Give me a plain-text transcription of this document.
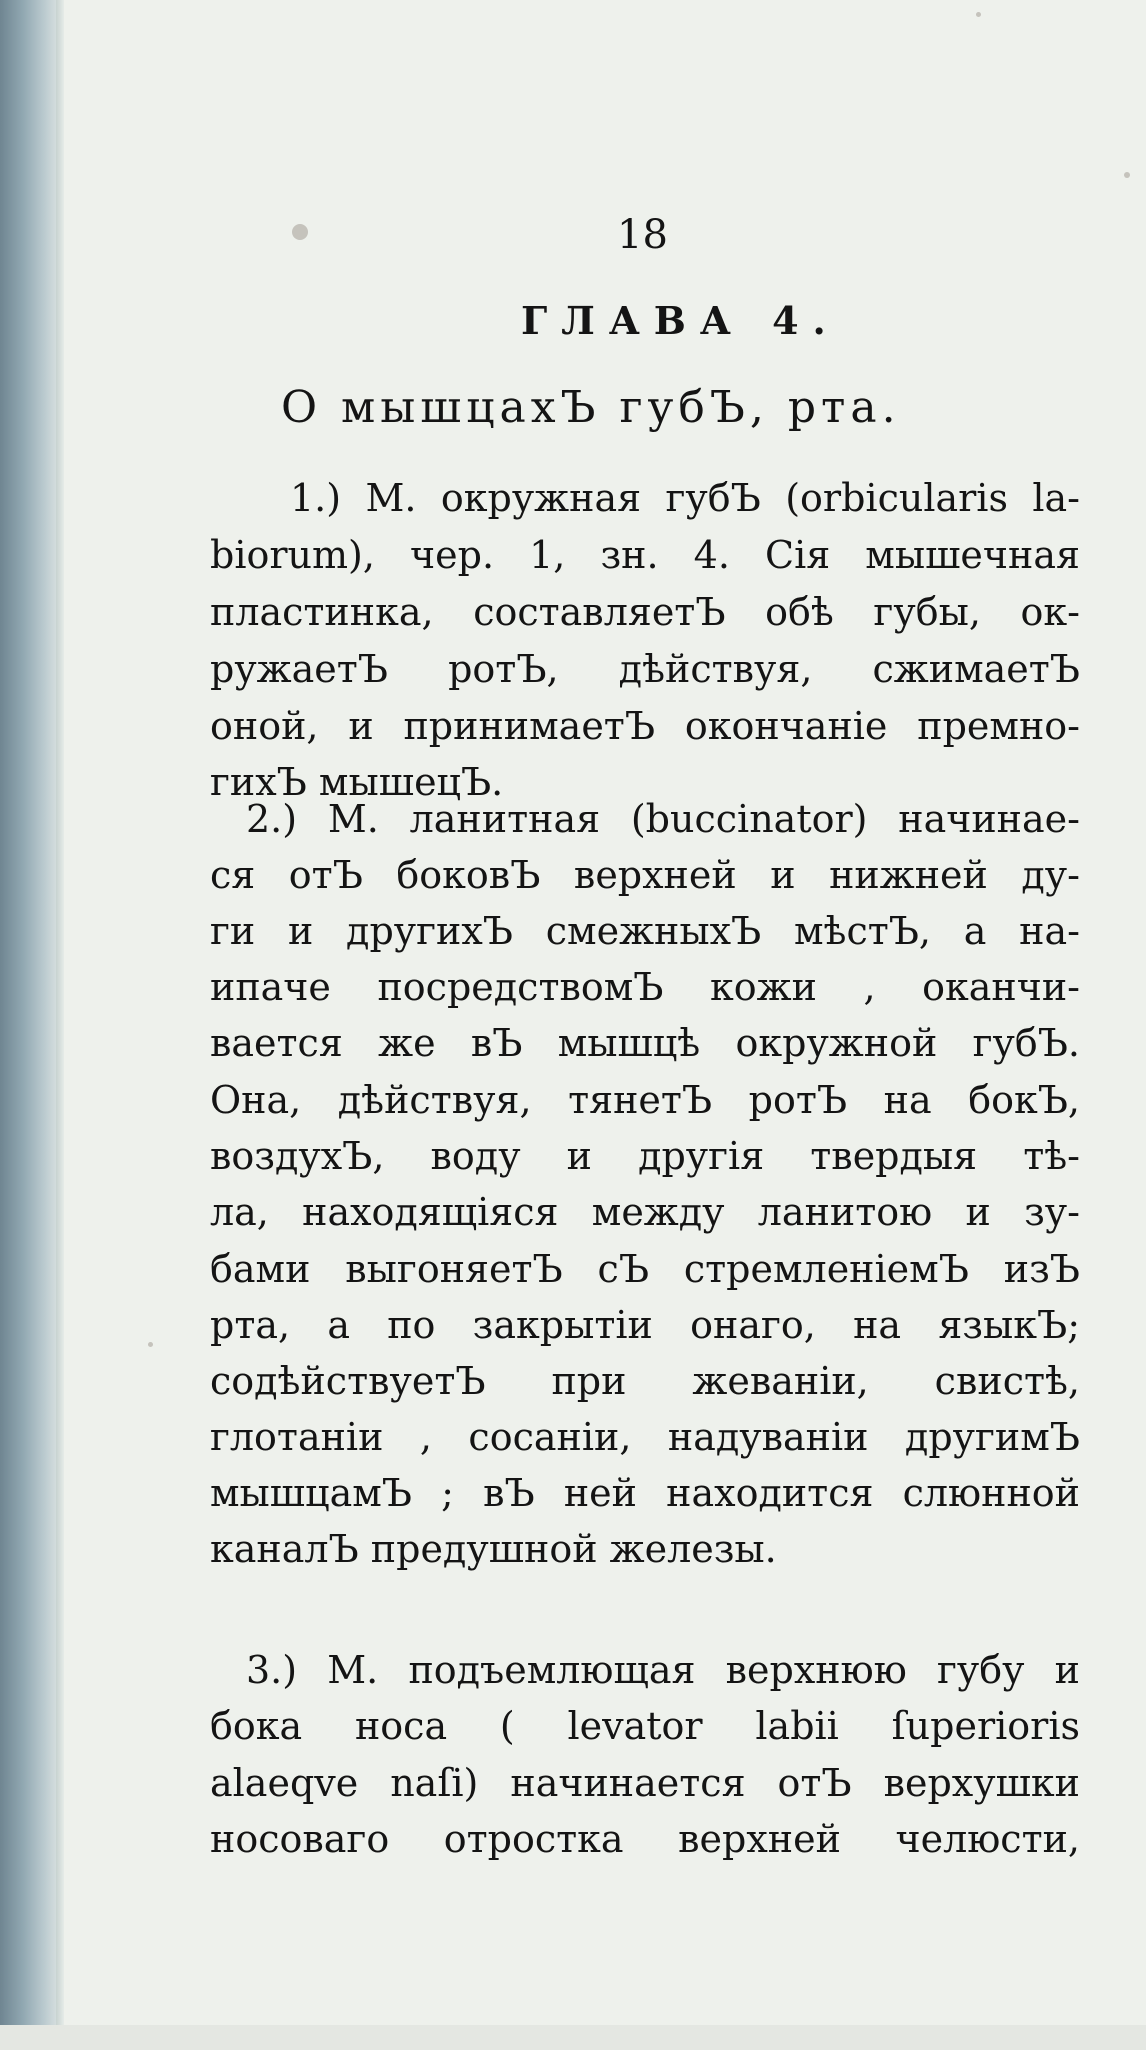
18
ГЛАВА 4.
О мышцахЪ губЪ, рта.
1.) М. окружная губЪ (orbicularis la-
biorum), чер. 1, зн. 4. Сія мышечная
пластинка, составляетЪ обѣ губы, ок-
ружаетЪ ротЪ, дѣйствуя, сжимаетЪ
оной, и принимаетЪ окончаніе премно-
гихЪ мышецЪ.
2.) М. ланитная (buccinator) начинае-
ся отЪ боковЪ верхней и нижней ду-
ги и другихЪ смежныхЪ мѣстЪ, а на-
ипаче посредствомЪ кожи , оканчи-
вается же вЪ мышцѣ окружной губЪ.
Она, дѣйствуя, тянетЪ ротЪ на бокЪ,
воздухЪ, воду и другія твердыя тѣ-
ла, находящіяся между ланитою и зу-
бами выгоняетЪ сЪ стремленіемЪ изЪ
рта, а по закрытіи онаго, на языкЪ;
содѣйствуетЪ при жеваніи, свистѣ,
глотаніи , сосаніи, надуваніи другимЪ
мышцамЪ ; вЪ ней находится слюнной
каналЪ предушной железы.
3.) М. подъемлющая верхнюю губу и
бока носа ( levator labii ſuperioris
alaeqve naſi) начинается отЪ верхушки
носоваго отростка верхней челюсти,
